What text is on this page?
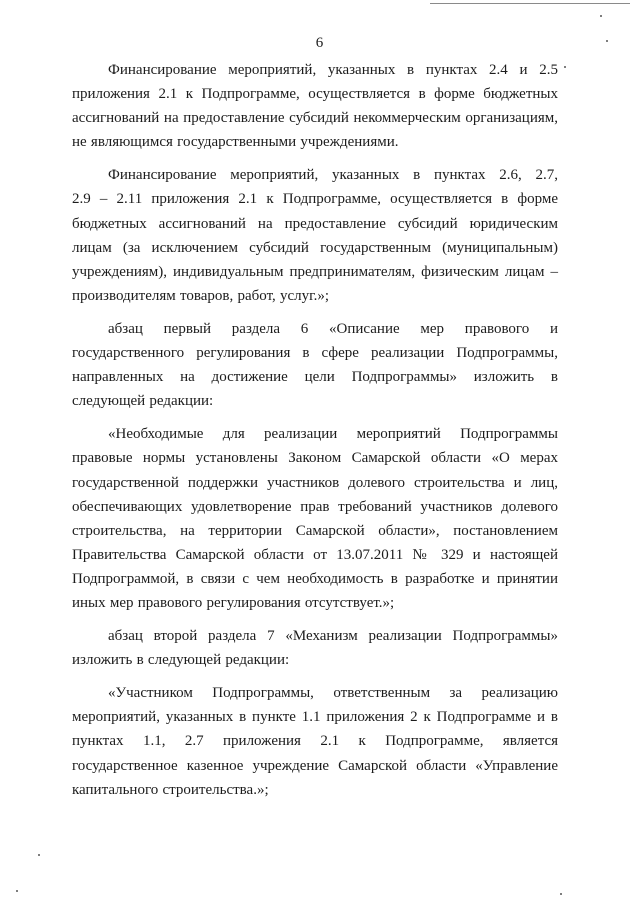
6

Финансирование мероприятий, указанных в пунктах 2.4 и 2.5
приложения 2.1 к Подпрограмме, осуществляется в форме бюджетных
ассигнований на предоставление субсидий некоммерческим организациям,
не являющимся государственными учреждениями.

Финансирование мероприятий, указанных в пунктах 2.6, 2.7,
2.9 – 2.11 приложения 2.1 к Подпрограмме, осуществляется в форме
бюджетных ассигнований на предоставление субсидий юридическим
лицам (за исключением субсидий государственным (муниципальным)
учреждениям), индивидуальным предпринимателям, физическим лицам –
производителям товаров, работ, услуг.»;

абзац первый раздела 6 «Описание мер правового и
государственного регулирования в сфере реализации Подпрограммы,
направленных на достижение цели Подпрограммы» изложить в
следующей редакции:

«Необходимые для реализации мероприятий Подпрограммы
правовые нормы установлены Законом Самарской области «О мерах
государственной поддержки участников долевого строительства и лиц,
обеспечивающих удовлетворение прав требований участников долевого
строительства, на территории Самарской области», постановлением
Правительства Самарской области от 13.07.2011 № 329 и настоящей
Подпрограммой, в связи с чем необходимость в разработке и принятии
иных мер правового регулирования отсутствует.»;

абзац второй раздела 7 «Механизм реализации Подпрограммы»
изложить в следующей редакции:

«Участником Подпрограммы, ответственным за реализацию
мероприятий, указанных в пункте 1.1 приложения 2 к Подпрограмме и в
пунктах 1.1, 2.7 приложения 2.1 к Подпрограмме, является
государственное казенное учреждение Самарской области «Управление
капитального строительства.»;
